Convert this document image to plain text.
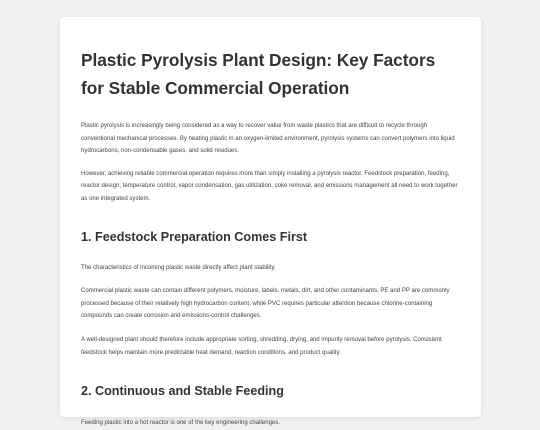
Plastic Pyrolysis Plant Design: Key Factors for Stable Commercial Operation

Plastic pyrolysis is increasingly being considered as a way to recover value from waste plastics that are difficult to recycle through conventional mechanical processes. By heating plastic in an oxygen-limited environment, pyrolysis systems can convert polymers into liquid hydrocarbons, non-condensable gases, and solid residues.

However, achieving reliable commercial operation requires more than simply installing a pyrolysis reactor. Feedstock preparation, feeding, reactor design, temperature control, vapor condensation, gas utilization, coke removal, and emissions management all need to work together as one integrated system.

1. Feedstock Preparation Comes First

The characteristics of incoming plastic waste directly affect plant stability.

Commercial plastic waste can contain different polymers, moisture, labels, metals, dirt, and other contaminants. PE and PP are commonly processed because of their relatively high hydrocarbon content, while PVC requires particular attention because chlorine-containing compounds can create corrosion and emissions-control challenges.

A well-designed plant should therefore include appropriate sorting, shredding, drying, and impurity removal before pyrolysis. Consistent feedstock helps maintain more predictable heat demand, reaction conditions, and product quality.

2. Continuous and Stable Feeding

Feeding plastic into a hot reactor is one of the key engineering challenges.
